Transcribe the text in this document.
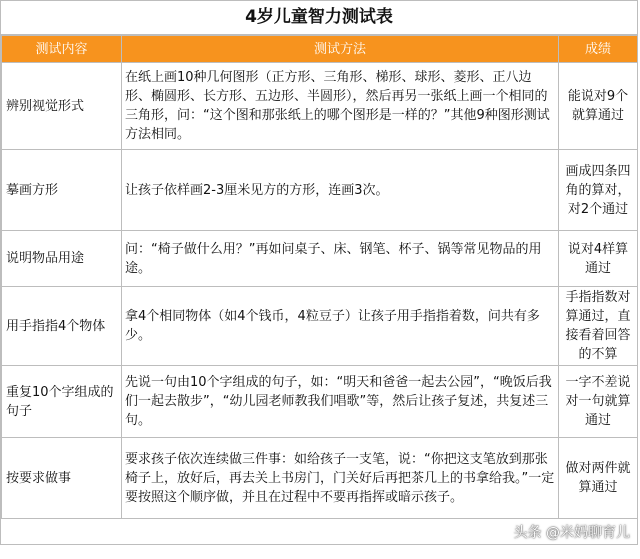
4岁儿童智力测试表
测试内容	测试方法	成绩
辨别视觉形式	在纸上画10种几何图形（正方形、三角形、梯形、球形、菱形、正八边形、椭圆形、长方形、五边形、半圆形），然后再另一张纸上画一个相同的三角形，问：“这个图和那张纸上的哪个图形是一样的？”其他9种图形测试方法相同。	能说对9个就算通过
摹画方形	让孩子依样画2-3厘米见方的方形，连画3次。	画成四条四角的算对，对2个通过
说明物品用途	问：“椅子做什么用？”再如问桌子、床、钢笔、杯子、锅等常见物品的用途。	说对4样算通过
用手指指4个物体	拿4个相同物体（如4个钱币，4粒豆子）让孩子用手指指着数，问共有多少。	手指指数对算通过，直接看着回答的不算
重复10个字组成的句子	先说一句由10个字组成的句子，如：“明天和爸爸一起去公园”，“晚饭后我们一起去散步”，“幼儿园老师教我们唱歌”等，然后让孩子复述，共复述三句。	一字不差说对一句就算通过
按要求做事	要求孩子依次连续做三件事：如给孩子一支笔，说：“你把这支笔放到那张椅子上，放好后，再去关上书房门，门关好后再把茶几上的书拿给我。”一定要按照这个顺序做，并且在过程中不要再指挥或暗示孩子。	做对两件就算通过
头条 @米妈聊育儿
